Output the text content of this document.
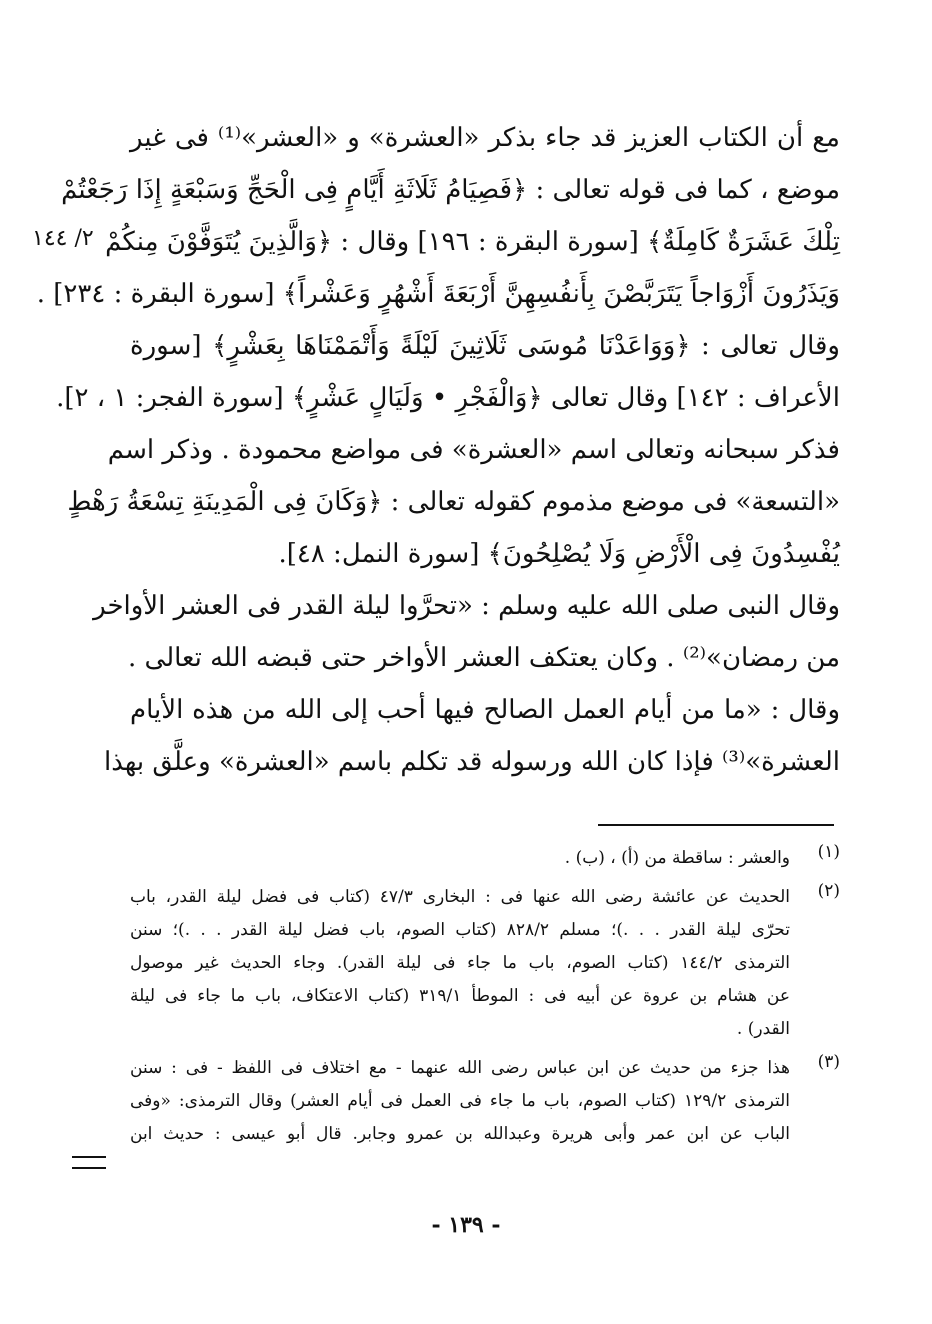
٢/ ١٤٤
مع أن الكتاب العزيز قد جاء بذكر «العشرة» و «العشر»⁽¹⁾ فى غير
موضع ، كما فى قوله تعالى : ﴿فَصِيَامُ ثَلَاثَةِ أَيَّامٍ فِى الْحَجِّ وَسَبْعَةٍ إِذَا رَجَعْتُمْ
تِلْكَ عَشَرَةٌ كَامِلَةٌ﴾ [سورة البقرة : ١٩٦] وقال : ﴿وَالَّذِينَ يُتَوَفَّوْنَ مِنكُمْ
وَيَذَرُونَ أَزْوَاجاً يَتَرَبَّصْنَ بِأَنفُسِهِنَّ أَرْبَعَةَ أَشْهُرٍ وَعَشْراً﴾ [سورة البقرة : ٢٣٤] .
وقال تعالى : ﴿وَوَاعَدْنَا مُوسَى ثَلَاثِينَ لَيْلَةً وَأَتْمَمْنَاهَا بِعَشْرٍ﴾ [سورة
الأعراف : ١٤٢] وقال تعالى ﴿وَالْفَجْرِ • وَلَيَالٍ عَشْرٍ﴾ [سورة الفجر: ١ ، ٢].
فذكر سبحانه وتعالى اسم «العشرة» فى مواضع محمودة . وذكر اسم
«التسعة» فى موضع مذموم كقوله تعالى : ﴿وَكَانَ فِى الْمَدِينَةِ تِسْعَةُ رَهْطٍ
يُفْسِدُونَ فِى الْأَرْضِ وَلَا يُصْلِحُونَ﴾ [سورة النمل: ٤٨].
وقال النبى صلى الله عليه وسلم : «تحرَّوا ليلة القدر فى العشر الأواخر
من رمضان»⁽²⁾ . وكان يعتكف العشر الأواخر حتى قبضه الله تعالى .
وقال : «ما من أيام العمل الصالح فيها أحب إلى الله من هذه الأيام
العشرة»⁽³⁾ فإذا كان الله ورسوله قد تكلم باسم «العشرة» وعلَّق بهذا
(١)
والعشر : ساقطة من (أ) ، (ب) .
(٢)
الحديث عن عائشة رضى الله عنها فى : البخارى ٤٧/٣ (كتاب فى فضل ليلة القدر، باب
تحرّى ليلة القدر . . .)؛ مسلم ٨٢٨/٢ (كتاب الصوم، باب فضل ليلة القدر . . .)؛ سنن
الترمذى ١٤٤/٢ (كتاب الصوم، باب ما جاء فى ليلة القدر). وجاء الحديث غير موصول
عن هشام بن عروة عن أبيه فى : الموطأ ٣١٩/١ (كتاب الاعتكاف، باب ما جاء فى ليلة
القدر) .
(٣)
هذا جزء من حديث عن ابن عباس رضى الله عنهما - مع اختلاف فى اللفظ - فى : سنن
الترمذى ١٢٩/٢ (كتاب الصوم، باب ما جاء فى العمل فى أيام العشر) وقال الترمذى: «وفى
الباب عن ابن عمر وأبى هريرة وعبدالله بن عمرو وجابر. قال أبو عيسى : حديث ابن
- ١٣٩ -
